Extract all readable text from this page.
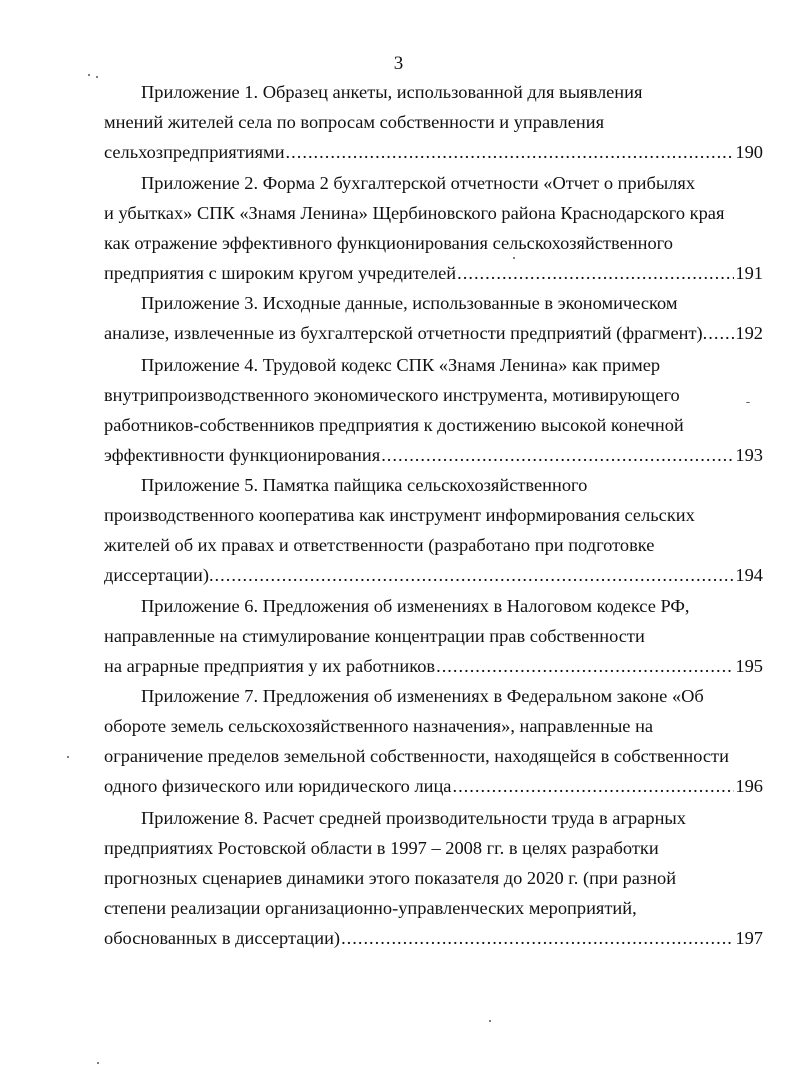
3
Приложение 1. Образец анкеты, использованной для выявления
мнений жителей села по вопросам собственности и управления
сельхозпредприятиями .....	190
Приложение 2. Форма 2 бухгалтерской отчетности «Отчет о прибылях
и убытках» СПК «Знамя Ленина» Щербиновского района Краснодарского края
как отражение эффективного функционирования сельскохозяйственного
предприятия с широким кругом учредителей .....	191
Приложение 3. Исходные данные, использованные в экономическом
анализе, извлеченные из бухгалтерской отчетности предприятий (фрагмент). ..... 192
Приложение 4. Трудовой кодекс СПК «Знамя Ленина» как пример
внутрипроизводственного экономического инструмента, мотивирующего
работников-собственников предприятия к достижению высокой конечной
эффективности функционирования .....	193
Приложение 5. Памятка пайщика сельскохозяйственного
производственного кооператива как инструмент информирования сельских
жителей об их правах и ответственности (разработано при подготовке
диссертации). .....	194
Приложение 6. Предложения об изменениях в Налоговом кодексе РФ,
направленные на стимулирование концентрации прав собственности
на аграрные предприятия у их работников .....	195
Приложение 7. Предложения об изменениях в Федеральном законе «Об
обороте земель сельскохозяйственного назначения», направленные на
ограничение пределов земельной собственности, находящейся в собственности
одного физического или юридического лица .....	196
Приложение 8. Расчет средней производительности труда в аграрных
предприятиях Ростовской области в 1997 – 2008 гг. в целях разработки
прогнозных сценариев динамики этого показателя до 2020 г. (при разной
степени реализации организационно-управленческих мероприятий,
обоснованных в диссертации) .....	197
